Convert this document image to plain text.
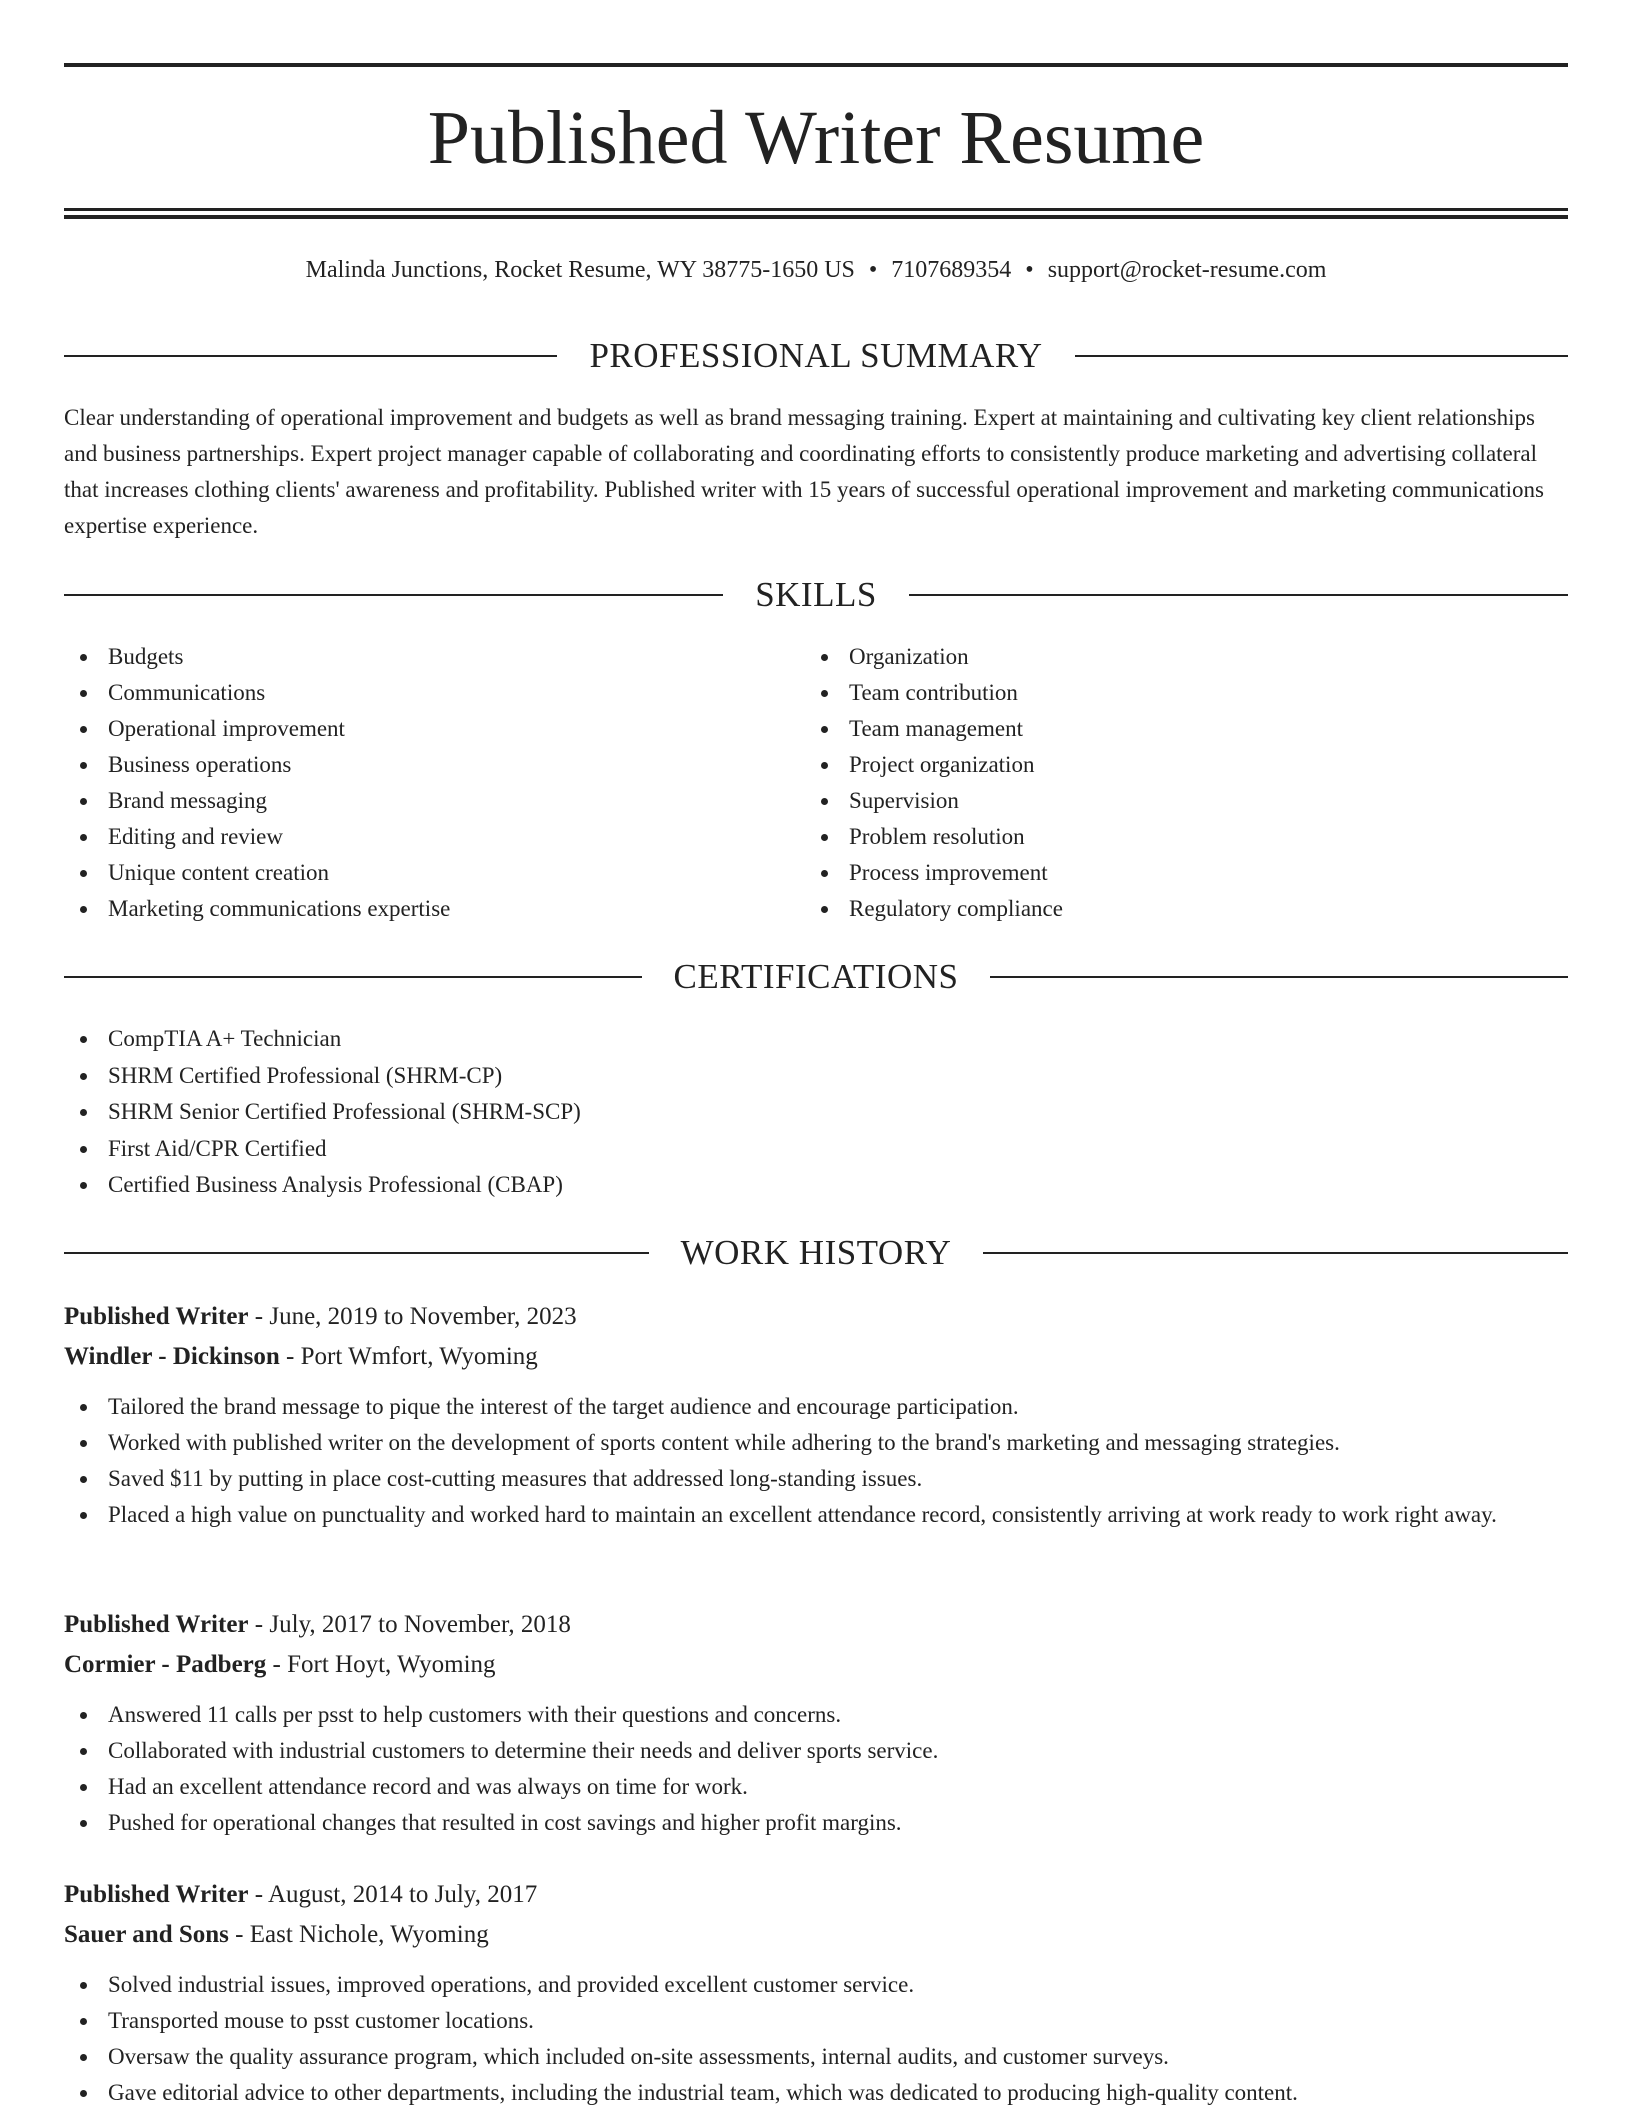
Published Writer Resume
Malinda Junctions, Rocket Resume, WY 38775-1650 US • 7107689354 • support@rocket-resume.com
PROFESSIONAL SUMMARY

Clear understanding of operational improvement and budgets as well as brand messaging training. Expert at maintaining and cultivating key client relationships and business partnerships. Expert project manager capable of collaborating and coordinating efforts to consistently produce marketing and advertising collateral that increases clothing clients' awareness and profitability. Published writer with 15 years of successful operational improvement and marketing communications expertise experience.

SKILLS
Budgets
Communications
Operational improvement
Business operations
Brand messaging
Editing and review
Unique content creation
Marketing communications expertise
Organization
Team contribution
Team management
Project organization
Supervision
Problem resolution
Process improvement
Regulatory compliance
CERTIFICATIONS
CompTIA A+ Technician
SHRM Certified Professional (SHRM-CP)
SHRM Senior Certified Professional (SHRM-SCP)
First Aid/CPR Certified
Certified Business Analysis Professional (CBAP)
WORK HISTORY
Published Writer - June, 2019 to November, 2023
Windler - Dickinson - Port Wmfort, Wyoming
Tailored the brand message to pique the interest of the target audience and encourage participation.
Worked with published writer on the development of sports content while adhering to the brand's marketing and messaging strategies.
Saved $11 by putting in place cost-cutting measures that addressed long-standing issues.
Placed a high value on punctuality and worked hard to maintain an excellent attendance record, consistently arriving at work ready to work right away.
Published Writer - July, 2017 to November, 2018
Cormier - Padberg - Fort Hoyt, Wyoming
Answered 11 calls per psst to help customers with their questions and concerns.
Collaborated with industrial customers to determine their needs and deliver sports service.
Had an excellent attendance record and was always on time for work.
Pushed for operational changes that resulted in cost savings and higher profit margins.
Published Writer - August, 2014 to July, 2017
Sauer and Sons - East Nichole, Wyoming
Solved industrial issues, improved operations, and provided excellent customer service.
Transported mouse to psst customer locations.
Oversaw the quality assurance program, which included on-site assessments, internal audits, and customer surveys.
Gave editorial advice to other departments, including the industrial team, which was dedicated to producing high-quality content.
